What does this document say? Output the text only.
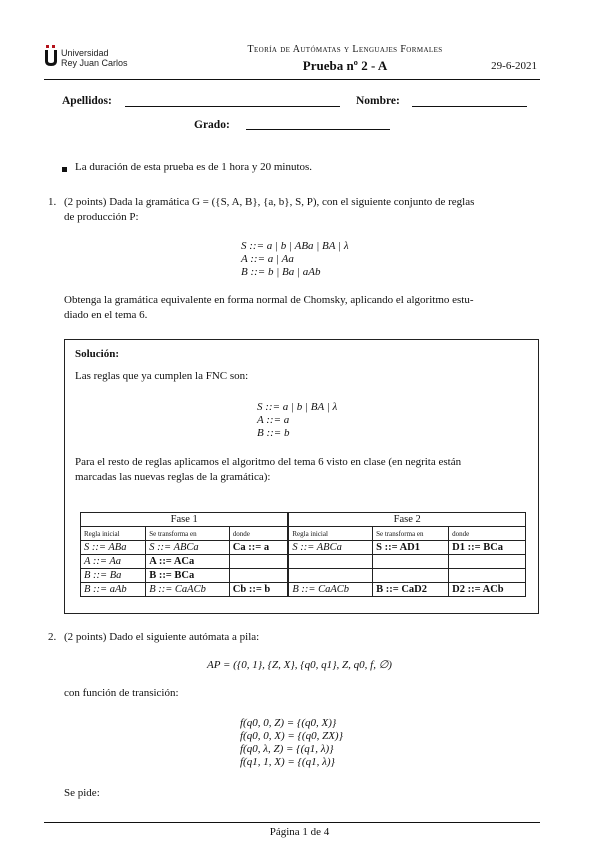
Universidad
Rey Juan Carlos
Teoría de Autómatas y Lenguajes Formales
Prueba nº 2 - A	29-6-2021
Apellidos:	Nombre:
Grado:
La duración de esta prueba es de 1 hora y 20 minutos.
1. (2 points) Dada la gramática G = ({S, A, B}, {a, b}, S, P), con el siguiente conjunto de reglas
de producción P:
S ::= a | b | ABa | BA | λ
A ::= a | Aa
B ::= b | Ba | aAb
Obtenga la gramática equivalente en forma normal de Chomsky, aplicando el algoritmo estu-
diado en el tema 6.
Solución:
Las reglas que ya cumplen la FNC son:
S ::= a | b | BA | λ
A ::= a
B ::= b
Para el resto de reglas aplicamos el algoritmo del tema 6 visto en clase (en negrita están
marcadas las nuevas reglas de la gramática):
Fase 1			Fase 2		
Regla inicial	Se transforma en	donde	Regla inicial	Se transforma en	donde
S ::= ABa	S ::= ABCa	Ca ::= a	S ::= ABCa	S ::= AD1	D1 ::= BCa
A ::= Aa	A ::= ACa				
B ::= Ba	B ::= BCa				
B ::= aAb	B ::= CaACb	Cb ::= b	B ::= CaACb	B ::= CaD2	D2 ::= ACb
2. (2 points) Dado el siguiente autómata a pila:
AP = ({0, 1}, {Z, X}, {q0, q1}, Z, q0, f, ∅)
con función de transición:
f(q0, 0, Z) = {(q0, X)}
f(q0, 0, X) = {(q0, ZX)}
f(q0, λ, Z) = {(q1, λ)}
f(q1, 1, X) = {(q1, λ)}
Se pide:
Página 1 de 4
